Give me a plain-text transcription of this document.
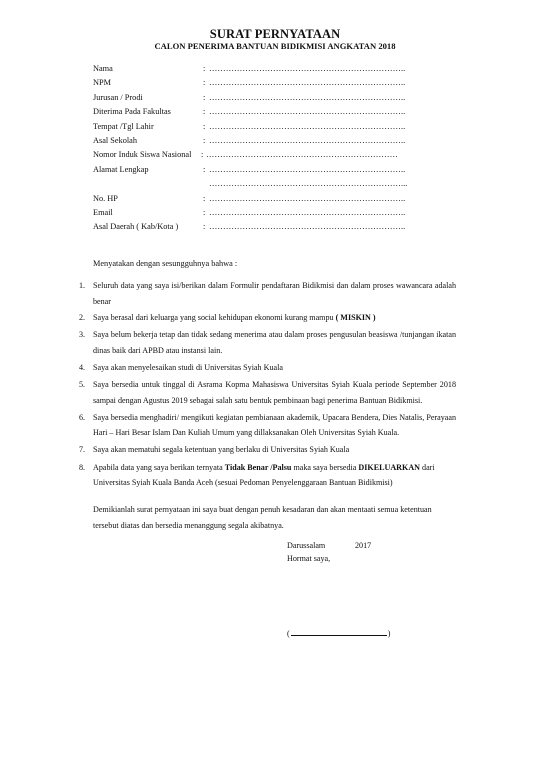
SURAT PERNYATAAN
CALON PENERIMA BANTUAN BIDIKMISI ANGKATAN 2018
Nama	: ……………………………………………………………..
NPM	: ……………………………………………………………..
Jurusan / Prodi	: ……………………………………………………………..
Diterima Pada Fakultas	: ……………………………………………………………..
Tempat /Tgl Lahir	: ……………………………………………………………..
Asal Sekolah	: ……………………………………………………………..
Nomor Induk Siswa Nasional : ……………………………………………………………
Alamat Lengkap	: ……………………………………………………………..
……………………………………………………………...
No. HP	: ……………………………………………………………..
Email	: ……………………………………………………………..
Asal Daerah ( Kab/Kota )	: ……………………………………………………………..
Menyatakan dengan sesungguhnya bahwa :
1. Seluruh data yang saya isi/berikan dalam Formulir pendaftaran Bidikmisi dan dalam proses wawancara adalah benar
2. Saya berasal dari keluarga yang social kehidupan ekonomi kurang mampu ( MISKIN )
3. Saya belum bekerja tetap dan tidak sedang menerima atau dalam proses pengusulan beasiswa /tunjangan ikatan dinas baik dari APBD atau instansi lain.
4. Saya akan menyelesaikan studi di Universitas Syiah Kuala
5. Saya bersedia untuk tinggal di Asrama Kopma Mahasiswa Universitas Syiah Kuala periode September 2018 sampai dengan Agustus 2019 sebagai salah satu bentuk pembinaan bagi penerima Bantuan Bidikmisi.
6. Saya bersedia menghadiri/ mengikuti kegiatan pembianaan akademik, Upacara Bendera, Dies Natalis, Perayaan Hari – Hari Besar Islam Dan Kuliah Umum yang dillaksanakan Oleh Universitas Syiah Kuala.
7. Saya akan mematuhi segala ketentuan yang berlaku di Universitas Syiah Kuala
8. Apabila data yang saya berikan ternyata Tidak Benar /Palsu maka saya bersedia DIKELUARKAN dari Universitas Syiah Kuala Banda Aceh (sesuai Pedoman Penyelenggaraan Bantuan Bidikmisi)
Demikianlah surat pernyataan ini saya buat dengan penuh kesadaran dan akan mentaati semua ketentuan tersebut diatas dan bersedia menanggung segala akibatnya.
Darussalam	2017
Hormat saya,
(	)
